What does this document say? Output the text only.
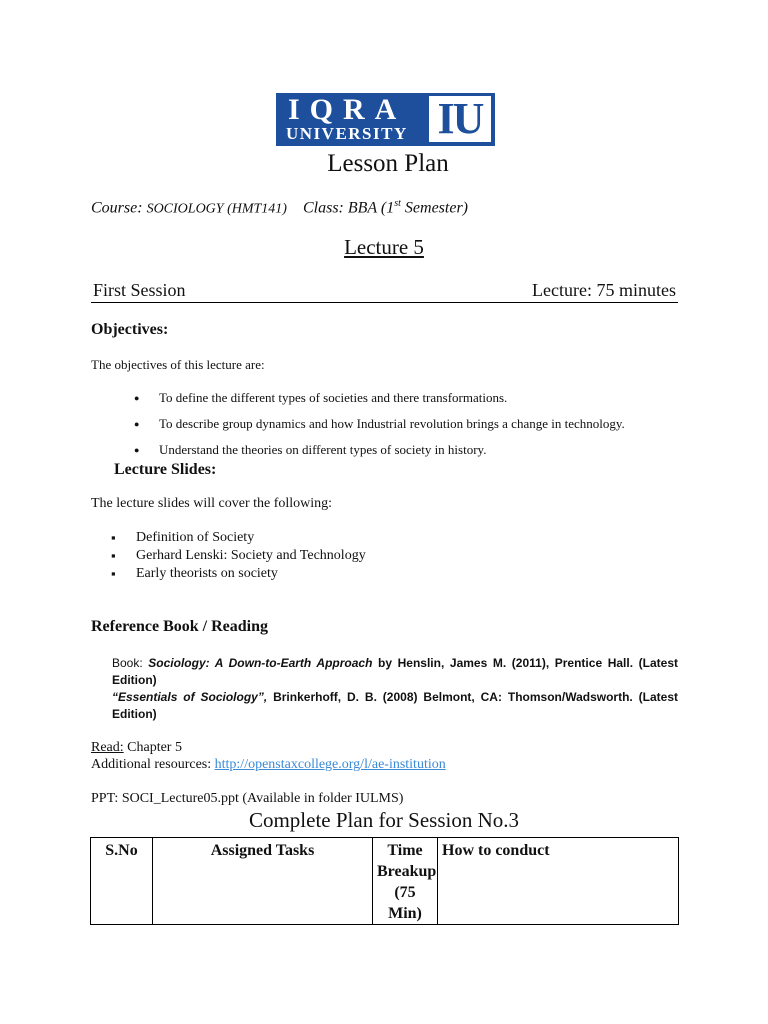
IQRA
UNIVERSITY IU
Lesson Plan
Course: SOCIOLOGY (HMT141) Class: BBA (1st Semester)
Lecture 5
First Session	Lecture: 75 minutes
Objectives:
The objectives of this lecture are:
● To define the different types of societies and there transformations.
● To describe group dynamics and how Industrial revolution brings a change in technology.
● Understand the theories on different types of society in history.
Lecture Slides:
The lecture slides will cover the following:
▪ Definition of Society
▪ Gerhard Lenski: Society and Technology
▪ Early theorists on society
Reference Book / Reading
Book: Sociology: A Down-to-Earth Approach by Henslin, James M. (2011), Prentice Hall. (Latest Edition)
“Essentials of Sociology”, Brinkerhoff, D. B. (2008) Belmont, CA: Thomson/Wadsworth. (Latest Edition)
Read: Chapter 5
Additional resources: http://openstaxcollege.org/l/ae-institution
PPT: SOCI_Lecture05.ppt (Available in folder IULMS)
Complete Plan for Session No.3
S.No	Assigned Tasks	Time Breakup (75 Min)	How to conduct
